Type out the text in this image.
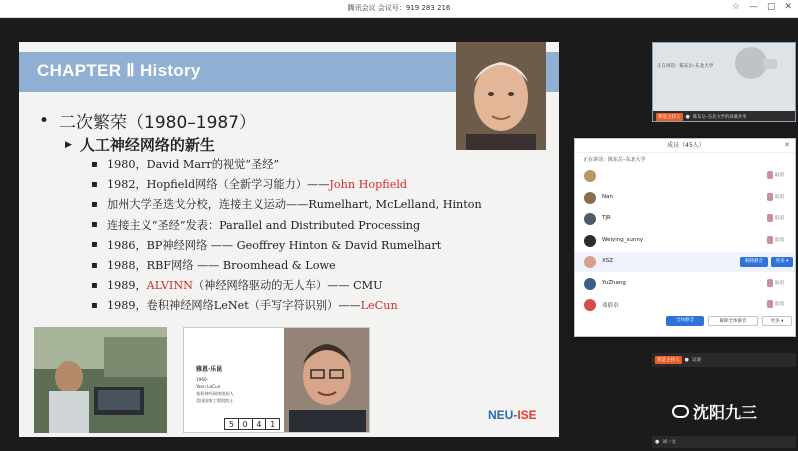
腾讯会议 会议号：919 283 216	☆ — ▢ ✕
CHAPTER Ⅱ History
• 二次繁荣（1980–1987）
▶ 人工神经网络的新生
▪ 1980，David Marr的视觉“圣经”
▪ 1982，Hopfield网络（全新学习能力）—— John Hopfield
▪ 加州大学圣迭戈分校，连接主义运动——Rumelhart, McLelland, Hinton
▪ 连接主义“圣经”发表：Parallel and Distributed Processing
▪ 1986，BP神经网络 —— Geoffrey Hinton & David Rumelhart
▪ 1988，RBF网络 —— Broomhead & Lowe
▪ 1989， ALVINN （神经网络驱动的无人车）—— CMU
▪ 1989，卷积神经网络LeNet（手写字符识别）—— LeCun
雅恩·乐昆
1960–
Yann LeCun
卷积神经网络创始人
美国国家工程院院士
5	0	4	1
NEU-ISE
正在讲话：陈东岳–东北大学
我是主持人	● 陈东岳–东北大学的屏幕共享
成员（45人）	✕
正在讲话：陈东岳–东北大学
取消
Nan	取消
TJR	取消
Weiying_sunny	取消
XSZ	解除静音	更多 ▾
YuZhang	取消
邓倩卓	取消
全体静音	解除全体静音	更多 ▾
我是主持人	● 吴迪
沈阳九三
● 刘一文
